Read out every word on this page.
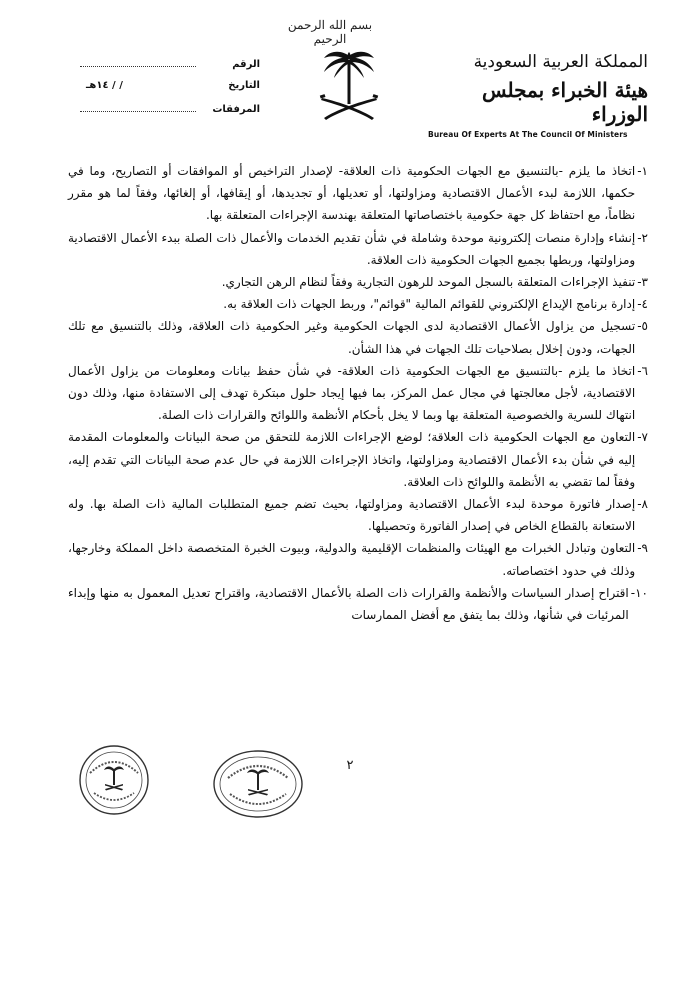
بسم الله الرحمن الرحيم
المملكة العربية السعودية
هيئة الخبراء بمجلس الوزراء
Bureau Of Experts At The Council Of Ministers
الرقم
التاريخ
/ / ١٤هـ
المرفقات
١-
اتخاذ ما يلزم -بالتنسيق مع الجهات الحكومية ذات العلاقة- لإصدار التراخيص أو الموافقات أو التصاريح، وما في حكمها، اللازمة لبدء الأعمال الاقتصادية ومزاولتها، أو تعديلها، أو تجديدها، أو إيقافها، أو إلغائها، وفقاً لما هو مقرر نظاماً، مع احتفاظ كل جهة حكومية باختصاصاتها المتعلقة بهندسة الإجراءات المتعلقة بها.
٢-
إنشاء وإدارة منصات إلكترونية موحدة وشاملة في شأن تقديم الخدمات والأعمال ذات الصلة ببدء الأعمال الاقتصادية ومزاولتها، وربطها بجميع الجهات الحكومية ذات العلاقة.
٣-
تنفيذ الإجراءات المتعلقة بالسجل الموحد للرهون التجارية وفقاً لنظام الرهن التجاري.
٤-
إدارة برنامج الإيداع الإلكتروني للقوائم المالية "قوائم"، وربط الجهات ذات العلاقة به.
٥-
تسجيل من يزاول الأعمال الاقتصادية لدى الجهات الحكومية وغير الحكومية ذات العلاقة، وذلك بالتنسيق مع تلك الجهات، ودون إخلال بصلاحيات تلك الجهات في هذا الشأن.
٦-
اتخاذ ما يلزم -بالتنسيق مع الجهات الحكومية ذات العلاقة- في شأن حفظ بيانات ومعلومات من يزاول الأعمال الاقتصادية، لأجل معالجتها في مجال عمل المركز، بما فيها إيجاد حلول مبتكرة تهدف إلى الاستفادة منها، وذلك دون انتهاك للسرية والخصوصية المتعلقة بها وبما لا يخل بأحكام الأنظمة واللوائح والقرارات ذات الصلة.
٧-
التعاون مع الجهات الحكومية ذات العلاقة؛ لوضع الإجراءات اللازمة للتحقق من صحة البيانات والمعلومات المقدمة إليه في شأن بدء الأعمال الاقتصادية ومزاولتها، واتخاذ الإجراءات اللازمة في حال عدم صحة البيانات التي تقدم إليه، وفقاً لما تقضي به الأنظمة واللوائح ذات العلاقة.
٨-
إصدار فاتورة موحدة لبدء الأعمال الاقتصادية ومزاولتها، بحيث تضم جميع المتطلبات المالية ذات الصلة بها. وله الاستعانة بالقطاع الخاص في إصدار الفاتورة وتحصيلها.
٩-
التعاون وتبادل الخبرات مع الهيئات والمنظمات الإقليمية والدولية، وبيوت الخبرة المتخصصة داخل المملكة وخارجها، وذلك في حدود اختصاصاته.
١٠-
اقتراح إصدار السياسات والأنظمة والقرارات ذات الصلة بالأعمال الاقتصادية، واقتراح تعديل المعمول به منها وإبداء المرئيات في شأنها، وذلك بما يتفق مع أفضل الممارسات
٢
